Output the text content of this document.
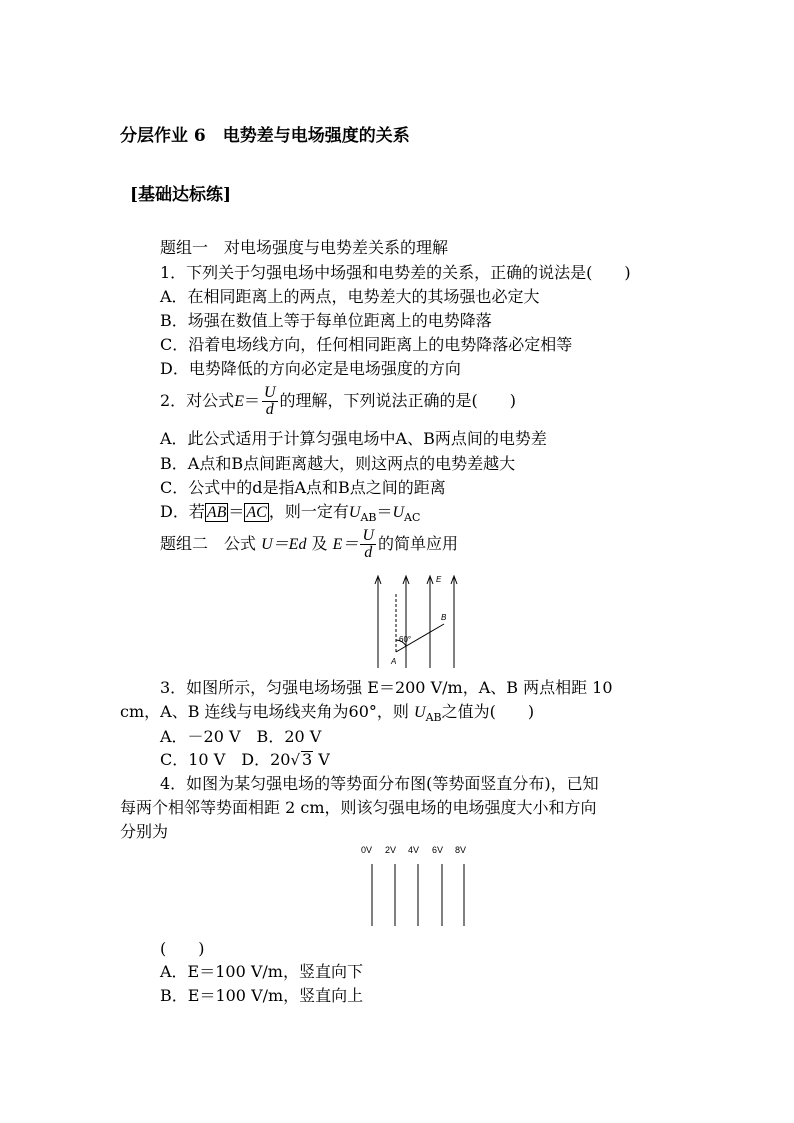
分层作业 6　电势差与电场强度的关系
[基础达标练]
题组一　对电场强度与电势差关系的理解
1．下列关于匀强电场中场强和电势差的关系，正确的说法是(　　)
A．在相同距离上的两点，电势差大的其场强也必定大
B．场强在数值上等于每单位距离上的电势降落
C．沿着电场线方向，任何相同距离上的电势降落必定相等
D．电势降低的方向必定是电场强度的方向
2．对公式$E= \frac{U}{d}$ 的理解，下列说法正确的是(　　)
A．此公式适用于计算匀强电场中A、B两点间的电势差
B．A点和B点间距离越大，则这两点的电势差越大
C．公式中的d是指A点和B点之间的距离
D．若 AB ＝ AC ，则一定有$U_{AB}=U_{AC}$
题组二　公式 U＝Ed 及 $E= \frac{U}{d}$ 的简单应用
E
B
A
60°
3．如图所示，匀强电场场强 E＝200 V/m，A、B 两点相距 10
cm，A、B 连线与电场线夹角为60°，则 $U_{AB}$之值为(　　)
A．－20 V　B．20 V
C．10 V　D．20√ 3 V
4．如图为某匀强电场的等势面分布图(等势面竖直分布)，已知
每两个相邻等势面相距 2 cm，则该匀强电场的电场强度大小和方向
分别为
0V 2V 4V 6V 8V
(　　)
A．E＝100 V/m，竖直向下
B．E＝100 V/m，竖直向上
